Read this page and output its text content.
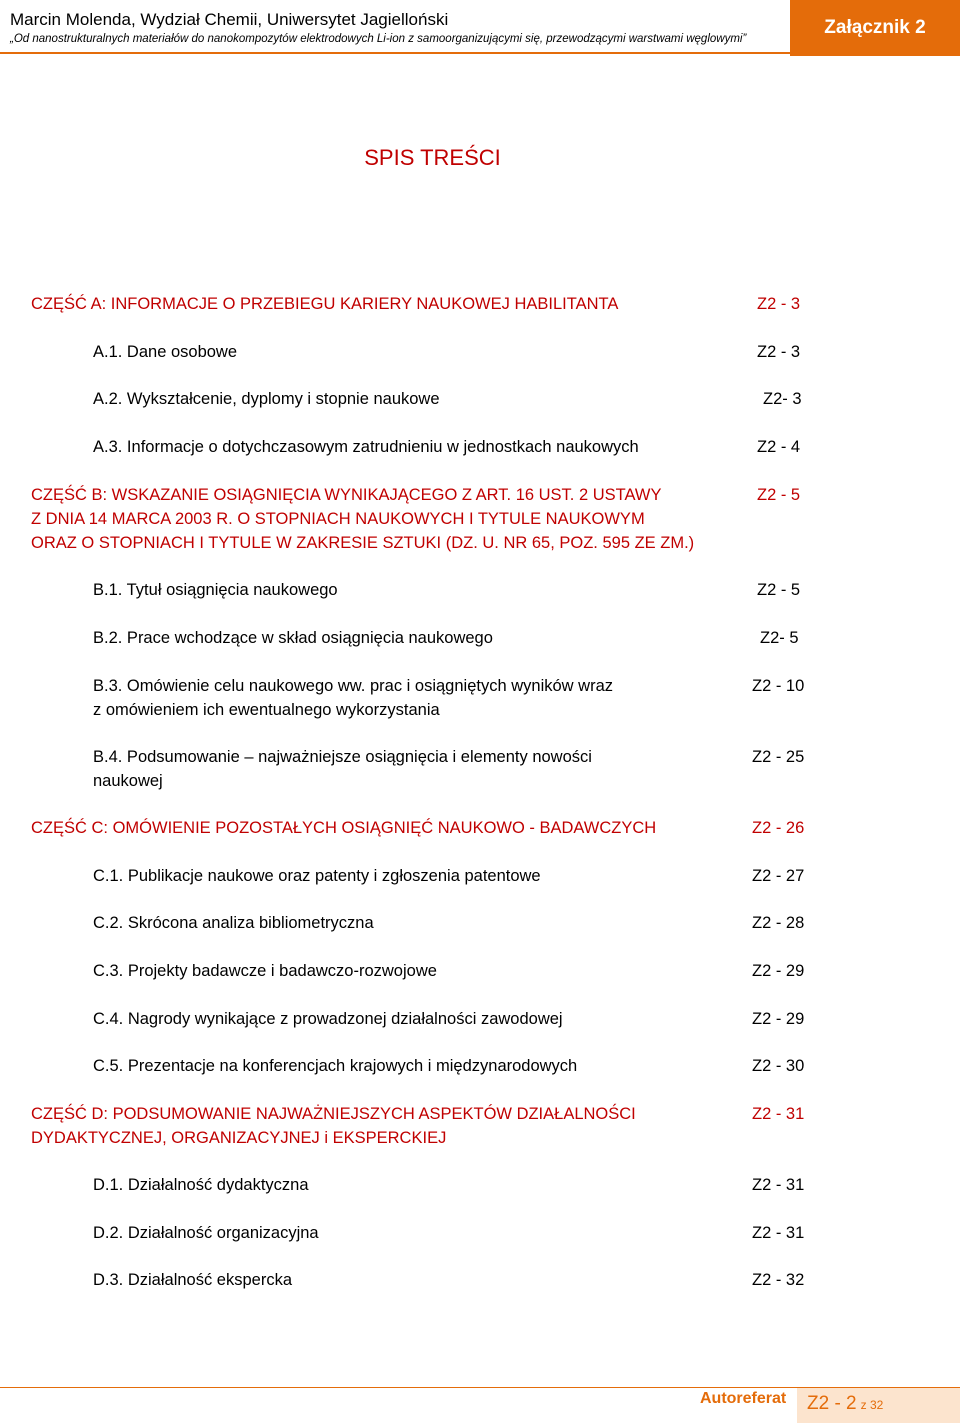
Marcin Molenda, Wydział Chemii, Uniwersytet Jagielloński
„Od nanostrukturalnych materiałów do nanokompozytów elektrodowych Li-ion z samoorganizującymi się, przewodzącymi warstwami węglowymi”
Załącznik 2
SPIS TREŚCI
CZĘŚĆ A: INFORMACJE O PRZEBIEGU KARIERY NAUKOWEJ HABILITANTA	Z2 - 3
A.1. Dane osobowe	Z2 - 3
A.2. Wykształcenie, dyplomy i stopnie naukowe	Z2- 3
A.3. Informacje o dotychczasowym zatrudnieniu w jednostkach naukowych	Z2 - 4
CZĘŚĆ B: WSKAZANIE OSIĄGNIĘCIA WYNIKAJĄCEGO Z ART. 16 UST. 2 USTAWY
Z DNIA 14 MARCA 2003 R. O STOPNIACH NAUKOWYCH I TYTULE NAUKOWYM
ORAZ O STOPNIACH I TYTULE W ZAKRESIE SZTUKI (DZ. U. NR 65, POZ. 595 ZE ZM.)
Z2 - 5
B.1. Tytuł osiągnięcia naukowego	Z2 - 5
B.2. Prace wchodzące w skład osiągnięcia naukowego	Z2- 5
B.3. Omówienie celu naukowego ww. prac i osiągniętych wyników wraz
z omówieniem ich ewentualnego wykorzystania
Z2 - 10
B.4. Podsumowanie – najważniejsze osiągnięcia i elementy nowości
naukowej
Z2 - 25
CZĘŚĆ C: OMÓWIENIE POZOSTAŁYCH OSIĄGNIĘĆ NAUKOWO - BADAWCZYCH	Z2 - 26
C.1. Publikacje naukowe oraz patenty i zgłoszenia patentowe	Z2 - 27
C.2. Skrócona analiza bibliometryczna	Z2 - 28
C.3. Projekty badawcze i badawczo-rozwojowe	Z2 - 29
C.4. Nagrody wynikające z prowadzonej działalności zawodowej	Z2 - 29
C.5. Prezentacje na konferencjach krajowych i międzynarodowych	Z2 - 30
CZĘŚĆ D: PODSUMOWANIE NAJWAŻNIEJSZYCH ASPEKTÓW DZIAŁALNOŚCI
DYDAKTYCZNEJ, ORGANIZACYJNEJ i EKSPERCKIEJ
Z2 - 31
D.1. Działalność dydaktyczna	Z2 - 31
D.2. Działalność organizacyjna	Z2 - 31
D.3. Działalność ekspercka	Z2 - 32
Autoreferat Z2 - 2 z 32
